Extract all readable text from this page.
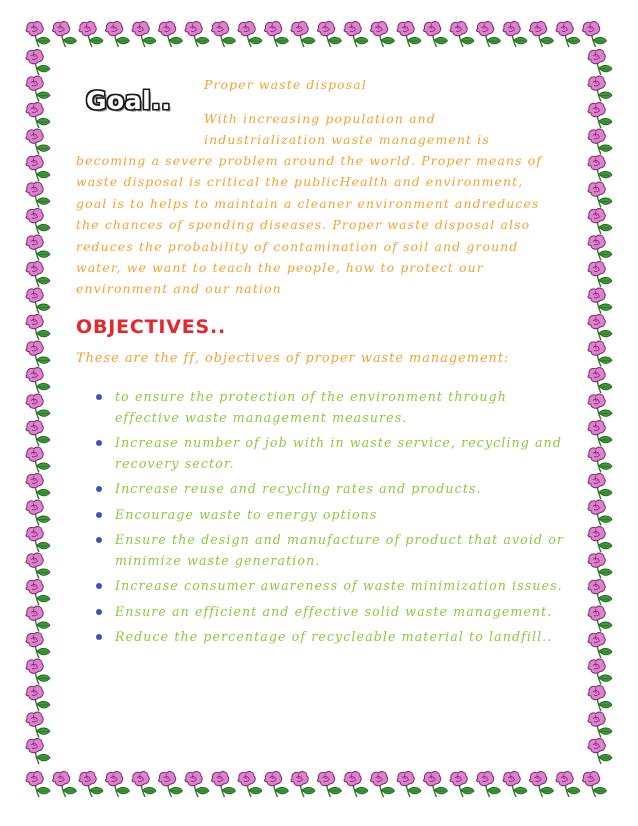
Goal..

Proper waste disposal

With increasing population and industrialization waste management is

becoming a severe problem around the world. Proper means of waste disposal is critical the publicHealth and environment, goal is to helps to maintain a cleaner environment andreduces the chances of spending diseases. Proper waste disposal also reduces the probability of contamination of soil and ground water, we want to teach the people, how to protect our environment and our nation

OBJECTIVES..

These are the ff, objectives of proper waste management:

to ensure the protection of the environment through effective waste management measures.
Increase number of job with in waste service, recycling and recovery sector.
Increase reuse and recycling rates and products.
Encourage waste to energy options
Ensure the design and manufacture of product that avoid or minimize waste generation.
Increase consumer awareness of waste minimization issues.
Ensure an efficient and effective solid waste management.
Reduce the percentage of recycleable material to landfill..
